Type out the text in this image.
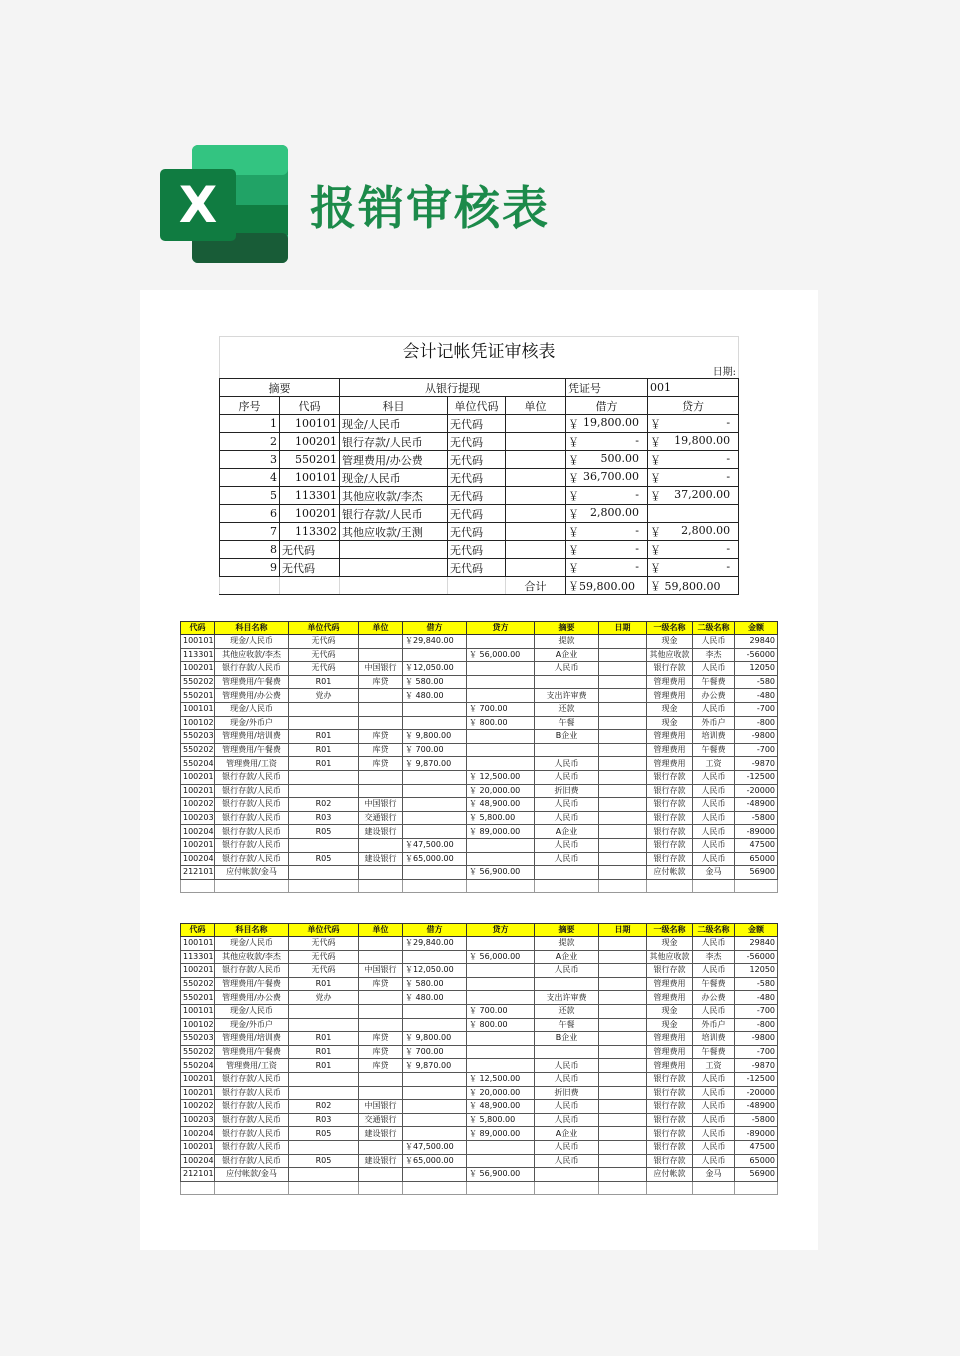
X 报销审核表
会计记帐凭证审核表						
日期:						
摘要		从银行提现			凭证号	001
序号	代码	科目	单位代码	单位	借方	贷方
1	100101	现金/人民币	无代码		￥ 19,800.00	￥ -

2	100201	银行存款/人民币	无代码		￥ -	￥ 19,800.00

3	550201	管理费用/办公费	无代码		￥ 500.00	￥ -

4	100101	现金/人民币	无代码		￥ 36,700.00	￥ -

5	113301	其他应收款/李杰	无代码		￥ -	￥ 37,200.00

6	100201	银行存款/人民币	无代码		￥ 2,800.00	

7	113302	其他应收款/王测	无代码		￥ -	￥ 2,800.00

8	无代码		无代码		￥ -	￥ -

9	无代码		无代码		￥ -	￥ -

				合计	￥59,800.00	￥ 59,800.00
代码	科目名称	单位代码	单位	借方	贷方	摘要	日期	一级名称	二级名称	金额
100101	现金/人民币	无代码		￥29,840.00		提款		现金	人民币	29840
113301	其他应收款/李杰	无代码			￥ 56,000.00	A企业		其他应收款	李杰	-56000
100201	银行存款/人民币	无代码	中国银行	￥12,050.00		人民币		银行存款	人民币	12050
550202	管理费用/午餐费	R01	库贷	￥ 580.00				管理费用	午餐费	-580
550201	管理费用/办公费	党办		￥ 480.00		支出许审费		管理费用	办公费	-480
100101	现金/人民币				￥ 700.00	还款		现金	人民币	-700
100102	现金/外币户				￥ 800.00	午餐		现金	外币户	-800
550203	管理费用/培训费	R01	库贷	￥ 9,800.00		B企业		管理费用	培训费	-9800
550202	管理费用/午餐费	R01	库贷	￥ 700.00				管理费用	午餐费	-700
550204	管理费用/工资	R01	库贷	￥ 9,870.00		人民币		管理费用	工资	-9870
100201	银行存款/人民币				￥ 12,500.00	人民币		银行存款	人民币	-12500
100201	银行存款/人民币				￥ 20,000.00	折旧费		银行存款	人民币	-20000
100202	银行存款/人民币	R02	中国银行		￥ 48,900.00	人民币		银行存款	人民币	-48900
100203	银行存款/人民币	R03	交通银行		￥ 5,800.00	人民币		银行存款	人民币	-5800
100204	银行存款/人民币	R05	建设银行		￥ 89,000.00	A企业		银行存款	人民币	-89000
100201	银行存款/人民币			￥47,500.00		人民币		银行存款	人民币	47500
100204	银行存款/人民币	R05	建设银行	￥65,000.00		人民币		银行存款	人民币	65000
212101	应付帐款/金马				￥ 56,900.00			应付帐款	金马	56900

代码	科目名称	单位代码	单位	借方	贷方	摘要	日期	一级名称	二级名称	金额
100101	现金/人民币	无代码		￥29,840.00		提款		现金	人民币	29840
113301	其他应收款/李杰	无代码			￥ 56,000.00	A企业		其他应收款	李杰	-56000
100201	银行存款/人民币	无代码	中国银行	￥12,050.00		人民币		银行存款	人民币	12050
550202	管理费用/午餐费	R01	库贷	￥ 580.00				管理费用	午餐费	-580
550201	管理费用/办公费	党办		￥ 480.00		支出许审费		管理费用	办公费	-480
100101	现金/人民币				￥ 700.00	还款		现金	人民币	-700
100102	现金/外币户				￥ 800.00	午餐		现金	外币户	-800
550203	管理费用/培训费	R01	库贷	￥ 9,800.00		B企业		管理费用	培训费	-9800
550202	管理费用/午餐费	R01	库贷	￥ 700.00				管理费用	午餐费	-700
550204	管理费用/工资	R01	库贷	￥ 9,870.00		人民币		管理费用	工资	-9870
100201	银行存款/人民币				￥ 12,500.00	人民币		银行存款	人民币	-12500
100201	银行存款/人民币				￥ 20,000.00	折旧费		银行存款	人民币	-20000
100202	银行存款/人民币	R02	中国银行		￥ 48,900.00	人民币		银行存款	人民币	-48900
100203	银行存款/人民币	R03	交通银行		￥ 5,800.00	人民币		银行存款	人民币	-5800
100204	银行存款/人民币	R05	建设银行		￥ 89,000.00	A企业		银行存款	人民币	-89000
100201	银行存款/人民币			￥47,500.00		人民币		银行存款	人民币	47500
100204	银行存款/人民币	R05	建设银行	￥65,000.00		人民币		银行存款	人民币	65000
212101	应付帐款/金马				￥ 56,900.00			应付帐款	金马	56900
